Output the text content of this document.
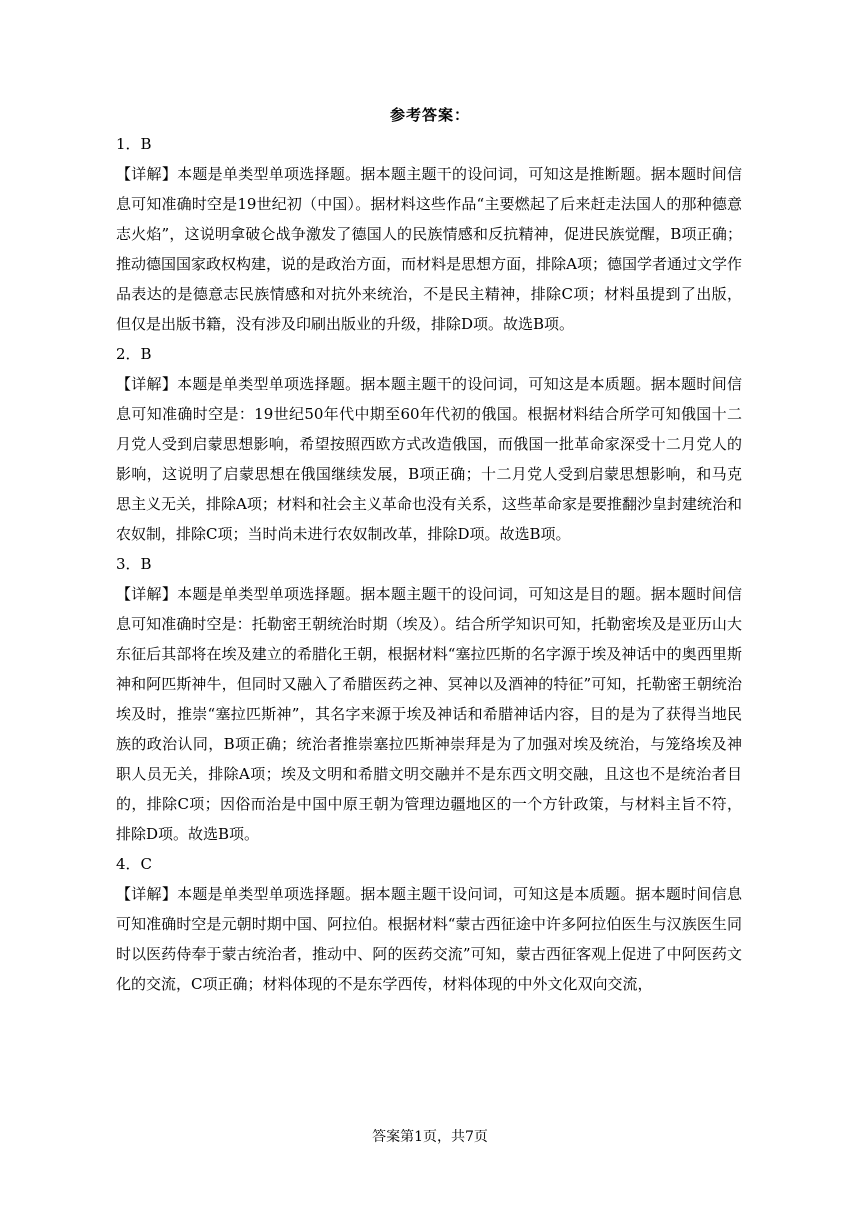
参考答案：
1．B

【详解】本题是单类型单项选择题。据本题主题干的设问词，可知这是推断题。据本题时间信息可知准确时空是19世纪初（中国）。据材料这些作品“主要燃起了后来赶走法国人的那种德意志火焰”，这说明拿破仑战争激发了德国人的民族情感和反抗精神，促进民族觉醒，B项正确；推动德国国家政权构建，说的是政治方面，而材料是思想方面，排除A项；德国学者通过文学作品表达的是德意志民族情感和对抗外来统治，不是民主精神，排除C项；材料虽提到了出版，但仅是出版书籍，没有涉及印刷出版业的升级，排除D项。故选B项。

2．B

【详解】本题是单类型单项选择题。据本题主题干的设问词，可知这是本质题。据本题时间信息可知准确时空是：19世纪50年代中期至60年代初的俄国。根据材料结合所学可知俄国十二月党人受到启蒙思想影响，希望按照西欧方式改造俄国，而俄国一批革命家深受十二月党人的影响，这说明了启蒙思想在俄国继续发展，B项正确；十二月党人受到启蒙思想影响，和马克思主义无关，排除A项；材料和社会主义革命也没有关系，这些革命家是要推翻沙皇封建统治和农奴制，排除C项；当时尚未进行农奴制改革，排除D项。故选B项。

3．B

【详解】本题是单类型单项选择题。据本题主题干的设问词，可知这是目的题。据本题时间信息可知准确时空是：托勒密王朝统治时期（埃及）。结合所学知识可知，托勒密埃及是亚历山大东征后其部将在埃及建立的希腊化王朝，根据材料“塞拉匹斯的名字源于埃及神话中的奥西里斯神和阿匹斯神牛，但同时又融入了希腊医药之神、冥神以及酒神的特征”可知，托勒密王朝统治埃及时，推崇“塞拉匹斯神”，其名字来源于埃及神话和希腊神话内容，目的是为了获得当地民族的政治认同，B项正确；统治者推崇塞拉匹斯神崇拜是为了加强对埃及统治，与笼络埃及神职人员无关，排除A项；埃及文明和希腊文明交融并不是东西文明交融，且这也不是统治者目的，排除C项；因俗而治是中国中原王朝为管理边疆地区的一个方针政策，与材料主旨不符，排除D项。故选B项。

4．C

【详解】本题是单类型单项选择题。据本题主题干设问词，可知这是本质题。据本题时间信息可知准确时空是元朝时期中国、阿拉伯。根据材料“蒙古西征途中许多阿拉伯医生与汉族医生同时以医药侍奉于蒙古统治者，推动中、阿的医药交流”可知，蒙古西征客观上促进了中阿医药文化的交流，C项正确；材料体现的不是东学西传，材料体现的中外文化双向交流，

答案第1页，共7页
